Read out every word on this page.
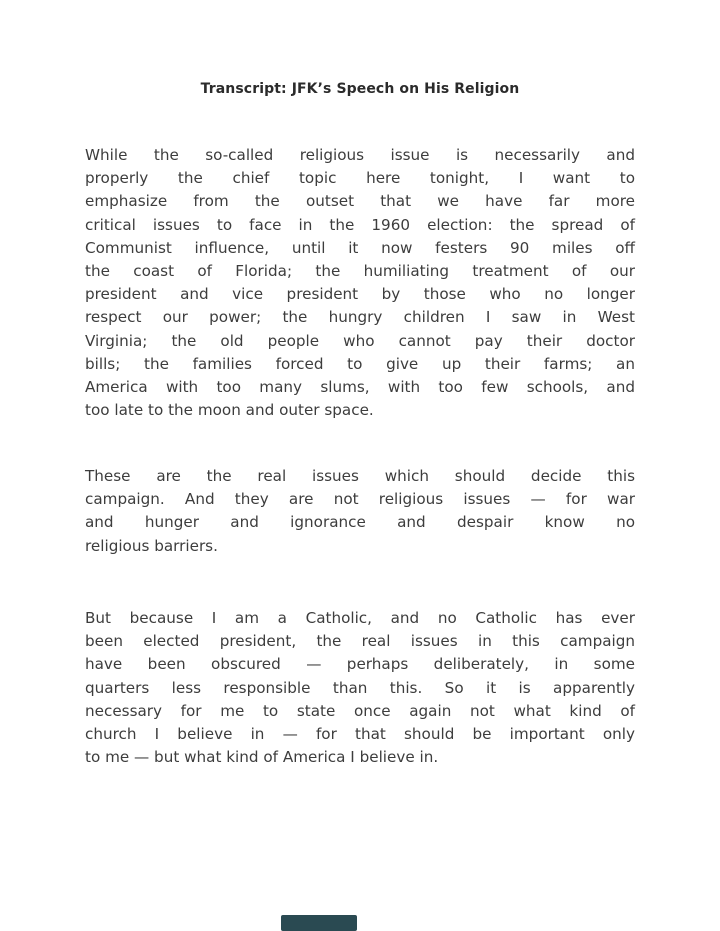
Transcript: JFK’s Speech on His Religion
While the so-called religious issue is necessarily and
properly the chief topic here tonight, I want to
emphasize from the outset that we have far more
critical issues to face in the 1960 election: the spread of
Communist influence, until it now festers 90 miles off
the coast of Florida; the humiliating treatment of our
president and vice president by those who no longer
respect our power; the hungry children I saw in West
Virginia; the old people who cannot pay their doctor
bills; the families forced to give up their farms; an
America with too many slums, with too few schools, and
too late to the moon and outer space.
These are the real issues which should decide this
campaign. And they are not religious issues — for war
and hunger and ignorance and despair know no
religious barriers.
But because I am a Catholic, and no Catholic has ever
been elected president, the real issues in this campaign
have been obscured — perhaps deliberately, in some
quarters less responsible than this. So it is apparently
necessary for me to state once again not what kind of
church I believe in — for that should be important only
to me — but what kind of America I believe in.
